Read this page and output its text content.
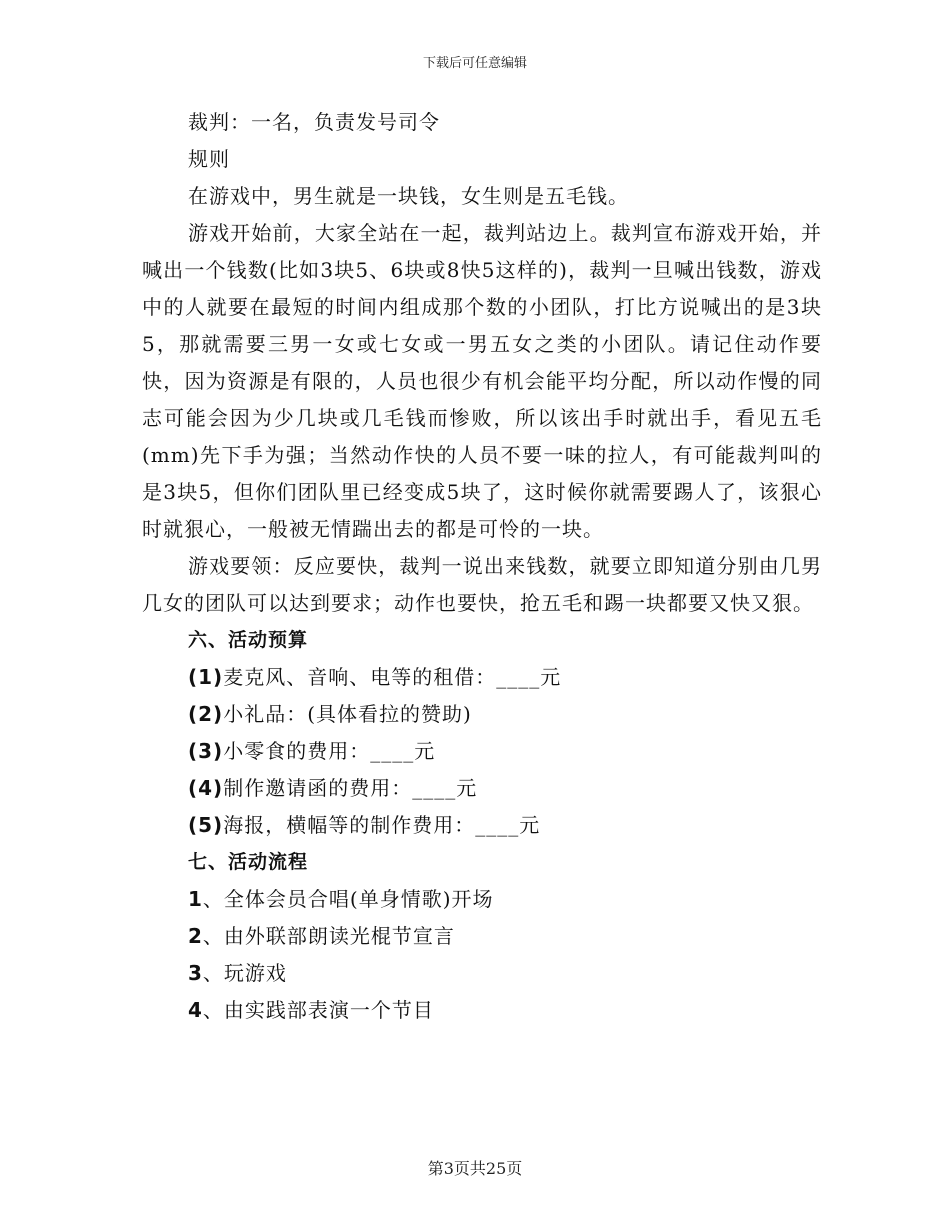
下载后可任意编辑
裁判：一名，负责发号司令
规则
在游戏中，男生就是一块钱，女生则是五毛钱。
游戏开始前，大家全站在一起，裁判站边上。裁判宣布游戏开始，并喊出一个钱数(比如3块5、6块或8快5这样的)，裁判一旦喊出钱数，游戏中的人就要在最短的时间内组成那个数的小团队，打比方说喊出的是3块5，那就需要三男一女或七女或一男五女之类的小团队。请记住动作要快，因为资源是有限的，人员也很少有机会能平均分配，所以动作慢的同志可能会因为少几块或几毛钱而惨败，所以该出手时就出手，看见五毛(mm)先下手为强；当然动作快的人员不要一味的拉人，有可能裁判叫的是3块5，但你们团队里已经变成5块了，这时候你就需要踢人了，该狠心时就狠心，一般被无情踹出去的都是可怜的一块。
游戏要领：反应要快，裁判一说出来钱数，就要立即知道分别由几男几女的团队可以达到要求；动作也要快，抢五毛和踢一块都要又快又狠。
六、活动预算
(1)麦克风、音响、电等的租借：____元
(2)小礼品：(具体看拉的赞助)
(3)小零食的费用：____元
(4)制作邀请函的费用：____元
(5)海报，横幅等的制作费用：____元
七、活动流程
1、全体会员合唱(单身情歌)开场
2、由外联部朗读光棍节宣言
3、玩游戏
4、由实践部表演一个节目
第3页共25页
